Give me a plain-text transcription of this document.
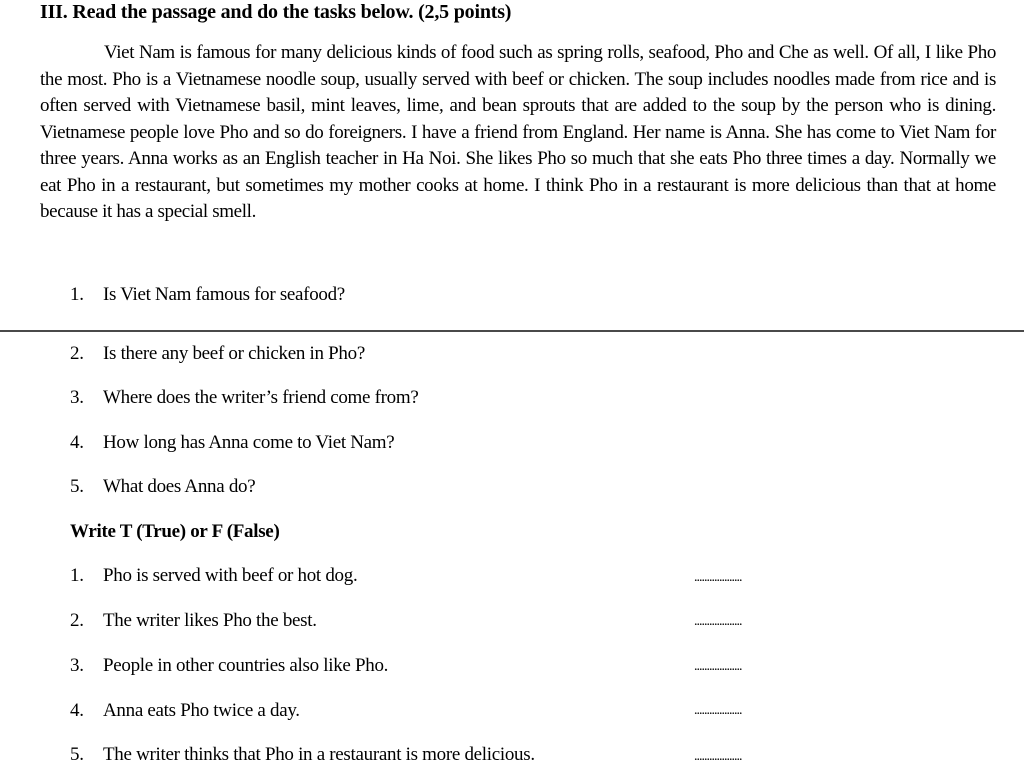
III. Read the passage and do the tasks below. (2,5 points)

Viet Nam is famous for many delicious kinds of food such as spring rolls, seafood, Pho and Che as well. Of all, I like Pho the most. Pho is a Vietnamese noodle soup, usually served with beef or chicken. The soup includes noodles made from rice and is often served with Vietnamese basil, mint leaves, lime, and bean sprouts that are added to the soup by the person who is dining. Vietnamese people love Pho and so do foreigners. I have a friend from England. Her name is Anna. She has come to Viet Nam for three years. Anna works as an English teacher in Ha Noi. She likes Pho so much that she eats Pho three times a day. Normally we eat Pho in a restaurant, but sometimes my mother cooks at home. I think Pho in a restaurant is more delicious than that at home because it has a special smell.

1. Is Viet Nam famous for seafood?
2. Is there any beef or chicken in Pho?
3. Where does the writer’s friend come from?
4. How long has Anna come to Viet Nam?
5. What does Anna do?
Write T (True) or F (False)
1. Pho is served with beef or hot dog.	...................
2. The writer likes Pho the best.	...................
3. People in other countries also like Pho.	...................
4. Anna eats Pho twice a day.	...................
5. The writer thinks that Pho in a restaurant is more delicious.	...................
